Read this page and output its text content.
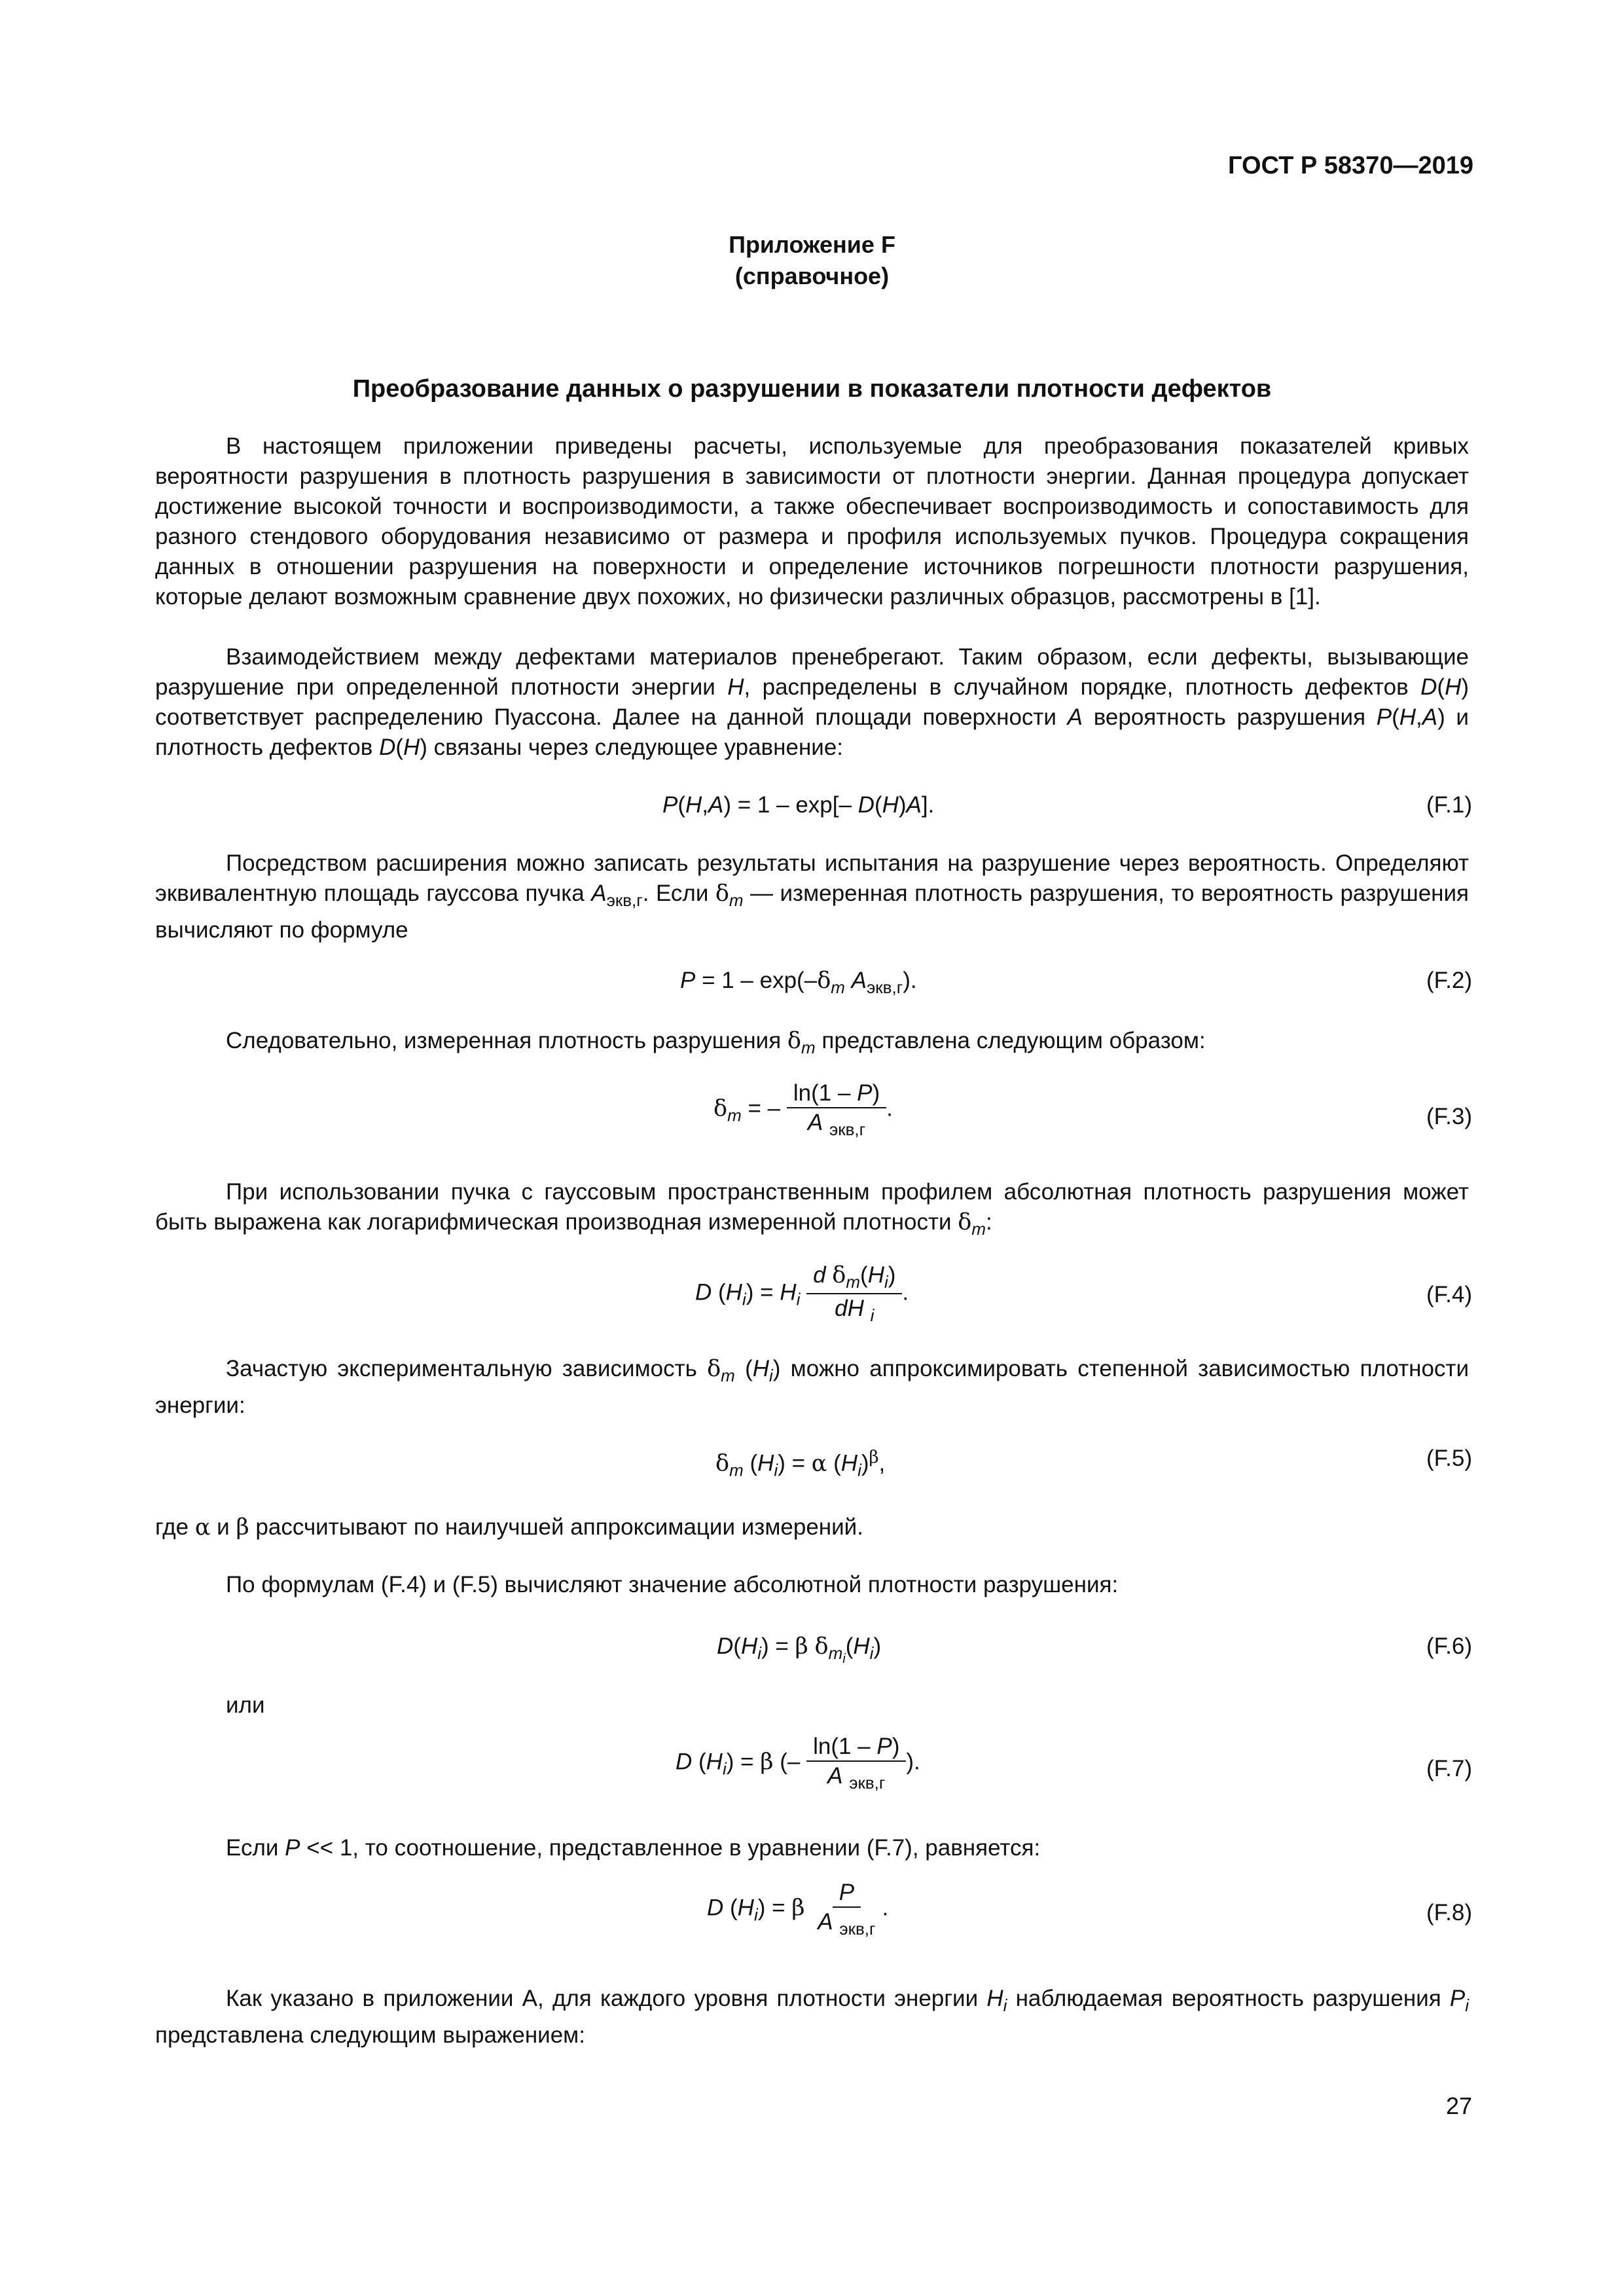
ГОСТ Р 58370—2019
Приложение F
(справочное)
Преобразование данных о разрушении в показатели плотности дефектов

В настоящем приложении приведены расчеты, используемые для преобразования показателей кривых вероятности разрушения в плотность разрушения в зависимости от плотности энергии. Данная процедура допускает достижение высокой точности и воспроизводимости, а также обеспечивает воспроизводимость и сопоставимость для разного стендового оборудования независимо от размера и профиля используемых пучков. Процедура сокращения данных в отношении разрушения на поверхности и определение источников погрешности плотности разрушения, которые делают возможным сравнение двух похожих, но физически различных образцов, рассмотрены в [1].

Взаимодействием между дефектами материалов пренебрегают. Таким образом, если дефекты, вызывающие разрушение при определенной плотности энергии H, распределены в случайном порядке, плотность дефектов D(H) соответствует распределению Пуассона. Далее на данной площади поверхности A вероятность разрушения P(H,A) и плотность дефектов D(H) связаны через следующее уравнение:

P(H,A) = 1 – exp[– D(H)A].	(F.1)

Посредством расширения можно записать результаты испытания на разрушение через вероятность. Определяют эквивалентную площадь гауссова пучка $A_{экв,г}$. Если $\delta_m$ — измеренная плотность разрушения, то вероятность разрушения вычисляют по формуле

$P = 1 - \exp(-\delta_m$ $A_{экв,г}$).	(F.2)

Следовательно, измеренная плотность разрушения $\delta_m$ представлена следующим образом:

$\delta_m$ = – $\frac{\ln(1 - P)}{A _{экв,г}}$ .	(F.3)

При использовании пучка с гауссовым пространственным профилем абсолютная плотность разрушения может быть выражена как логарифмическая производная измеренной плотности $\delta_m$:

D $(H_i) = H_i \frac{d \delta_m(H_i)}{dH _i}$ .	(F.4)

Зачастую экспериментальную зависимость $\delta_m$ $(H_i)$ можно аппроксимировать степенной зависимостью плотности энергии:

$\delta_m$ $(H_i) = \alpha$ $(H_i)^\beta$,	(F.5)

где α и β рассчитывают по наилучшей аппроксимации измерений.

По формулам (F.4) и (F.5) вычисляют значение абсолютной плотности разрушения:

$D(H_i) = \beta$ $\delta_{m_i}(H_i)$	(F.6)

или

D $(H_i) = \beta$ (– $\frac{\ln(1 - P)}{A _{экв,г}}$ ).	(F.7)

Если P << 1, то соотношение, представленное в уравнении (F.7), равняется:

D $(H_i) = \beta \frac{P}{A _{экв,г}}$ .	(F.8)

Как указано в приложении А, для каждого уровня плотности энергии $H_i$ наблюдаемая вероятность разрушения $P_i$ представлена следующим выражением:

27
